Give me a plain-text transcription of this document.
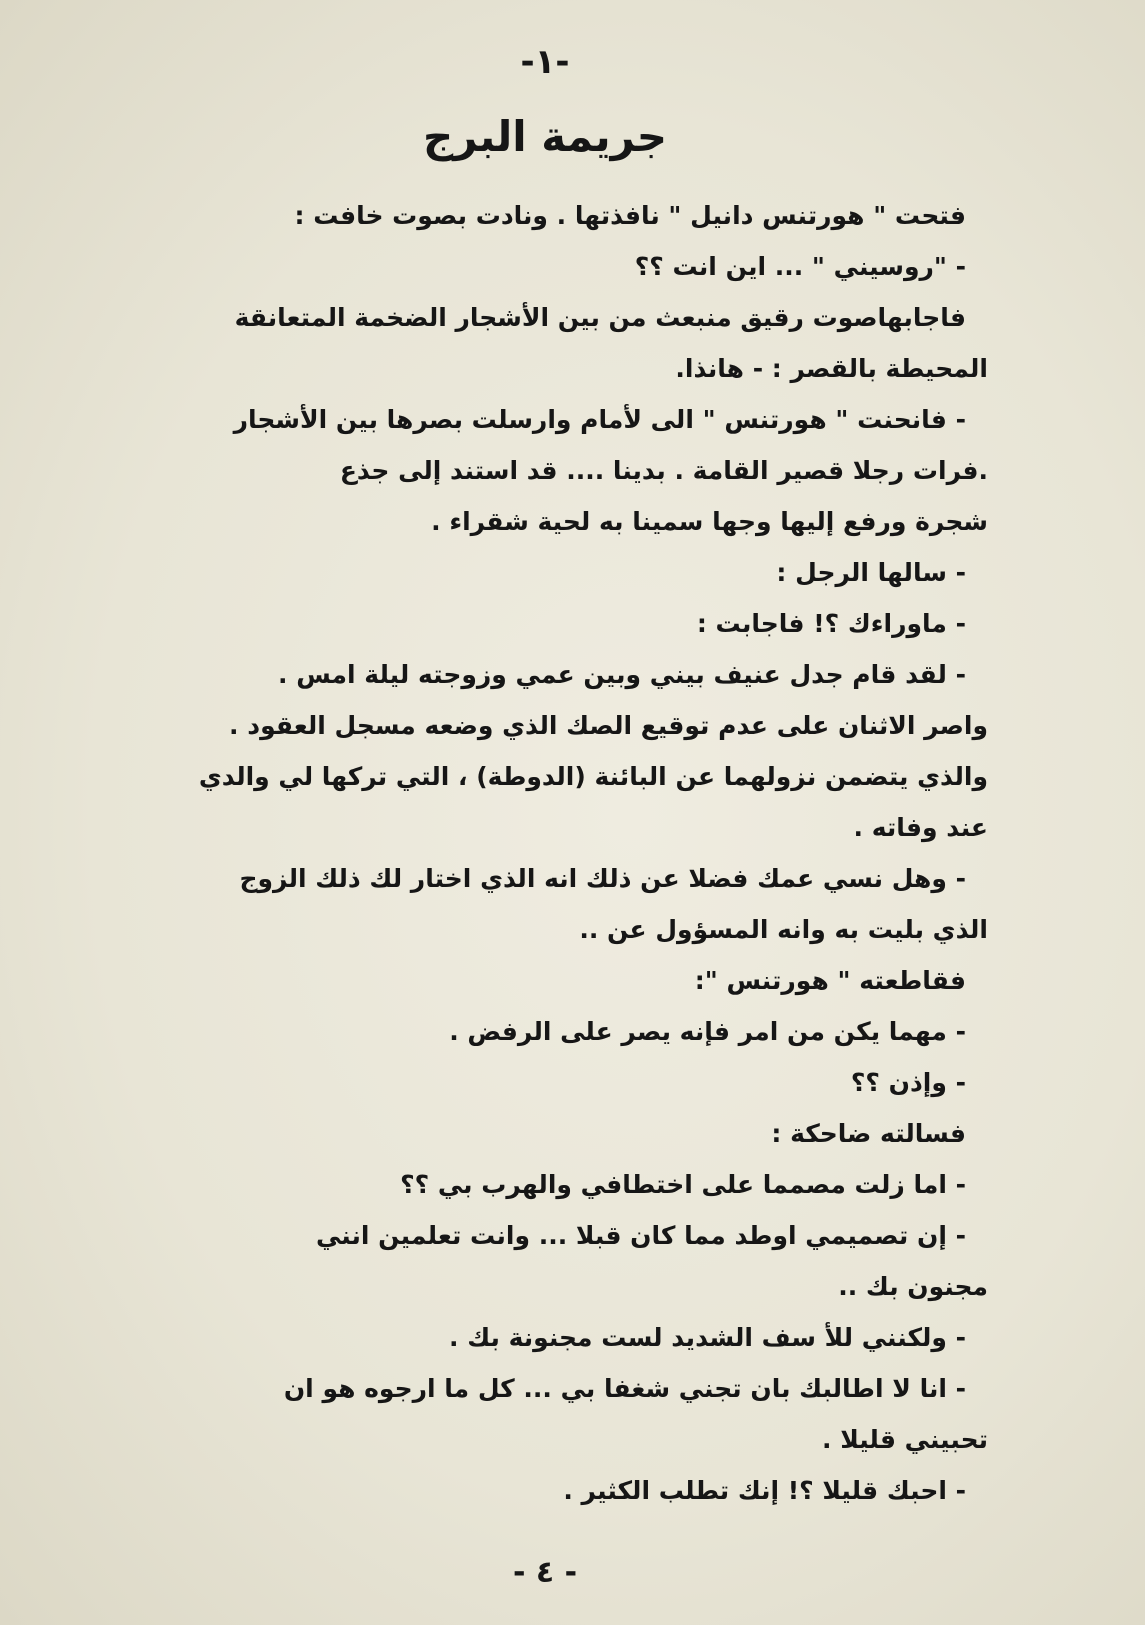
-١-
جريمة البرج
فتحت " هورتنس دانيل " نافذتها . ونادت بصوت خافت :
- "روسيني " ... اين انت ؟؟
فاجابهاصوت رقيق منبعث من بين الأشجار الضخمة المتعانقة
المحيطة بالقصر : - هانذا.
- فانحنت " هورتنس " الى لأمام وارسلت بصرها بين الأشجار
.فرات رجلا قصير القامة . بدينا .... قد استند إلى جذع
شجرة ورفع إليها وجها سمينا به لحية شقراء .
- سالها الرجل :
- ماوراءك ؟! فاجابت :
- لقد قام جدل عنيف بيني وبين عمي وزوجته ليلة امس .
واصر الاثنان على عدم توقيع الصك الذي وضعه مسجل العقود .
والذي يتضمن نزولهما عن البائنة (الدوطة) ، التي تركها لي والدي
عند وفاته .
- وهل نسي عمك فضلا عن ذلك انه الذي اختار لك ذلك الزوج
الذي بليت به وانه المسؤول عن ..
فقاطعته " هورتنس ":
- مهما يكن من امر فإنه يصر على الرفض .
- وإذن ؟؟
فسالته ضاحكة :
- اما زلت مصمما على اختطافي والهرب بي ؟؟
- إن تصميمي اوطد مما كان قبلا ... وانت تعلمين انني
مجنون بك ..
- ولكنني للأ سف الشديد لست مجنونة بك .
- انا لا اطالبك بان تجني شغفا بي ... كل ما ارجوه هو ان
تحبيني قليلا .
- احبك قليلا ؟! إنك تطلب الكثير .
- ٤ -
